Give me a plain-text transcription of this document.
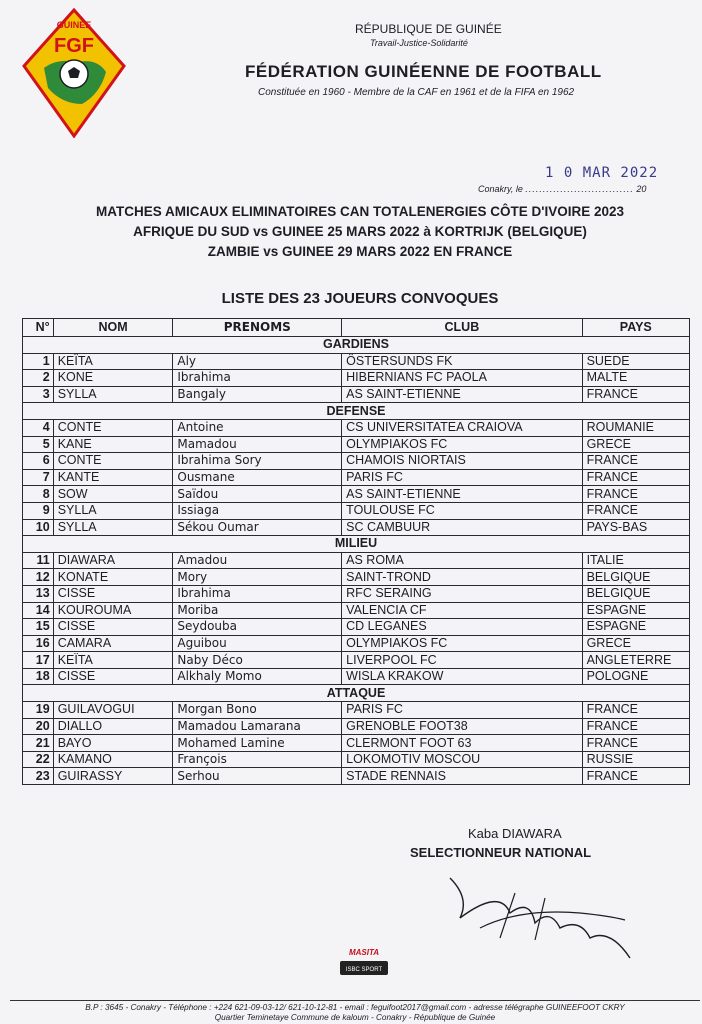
GUINEE
FGF
RÉPUBLIQUE DE GUINÉE
Travail-Justice-Solidarité
FÉDÉRATION GUINÉENNE DE FOOTBALL
Constituée en 1960 - Membre de la CAF en 1961 et de la FIFA en 1962
1 0 MAR 2022
Conakry, le ............................... 20
MATCHES AMICAUX ELIMINATOIRES CAN TOTALENERGIES CÔTE D'IVOIRE 2023
AFRIQUE DU SUD vs GUINEE 25 MARS 2022 à KORTRIJK (BELGIQUE)
ZAMBIE vs GUINEE 29 MARS 2022 EN FRANCE
LISTE DES 23 JOUEURS CONVOQUES
N°	NOM	PRENOMS	CLUB	PAYS
GARDIENS				
1	KEÏTA	Aly	ÖSTERSUNDS FK	SUEDE
2	KONE	Ibrahima	HIBERNIANS FC PAOLA	MALTE
3	SYLLA	Bangaly	AS SAINT-ETIENNE	FRANCE
DEFENSE				
4	CONTE	Antoine	CS UNIVERSITATEA CRAIOVA	ROUMANIE
5	KANE	Mamadou	OLYMPIAKOS FC	GRECE
6	CONTE	Ibrahima Sory	CHAMOIS NIORTAIS	FRANCE
7	KANTE	Ousmane	PARIS FC	FRANCE
8	SOW	Saïdou	AS SAINT-ETIENNE	FRANCE
9	SYLLA	Issiaga	TOULOUSE FC	FRANCE
10	SYLLA	Sékou Oumar	SC CAMBUUR	PAYS-BAS
MILIEU				
11	DIAWARA	Amadou	AS ROMA	ITALIE
12	KONATE	Mory	SAINT-TROND	BELGIQUE
13	CISSE	Ibrahima	RFC SERAING	BELGIQUE
14	KOUROUMA	Moriba	VALENCIA CF	ESPAGNE
15	CISSE	Seydouba	CD LEGANES	ESPAGNE
16	CAMARA	Aguibou	OLYMPIAKOS FC	GRECE
17	KEÏTA	Naby Déco	LIVERPOOL FC	ANGLETERRE
18	CISSE	Alkhaly Momo	WISLA KRAKOW	POLOGNE
ATTAQUE				
19	GUILAVOGUI	Morgan Bono	PARIS FC	FRANCE
20	DIALLO	Mamadou Lamarana	GRENOBLE FOOT38	FRANCE
21	BAYO	Mohamed Lamine	CLERMONT FOOT 63	FRANCE
22	KAMANO	François	LOKOMOTIV MOSCOU	RUSSIE
23	GUIRASSY	Serhou	STADE RENNAIS	FRANCE
Kaba DIAWARA
SELECTIONNEUR NATIONAL
MASITA
ISBC SPORT
B.P : 3645 - Conakry - Téléphone : +224 621-09-03-12/ 621-10-12-81 - email : feguifoot2017@gmail.com - adresse télégraphe GUINEEFOOT CKRY
Quartier Teminetaye Commune de kaloum - Conakry - République de Guinée
